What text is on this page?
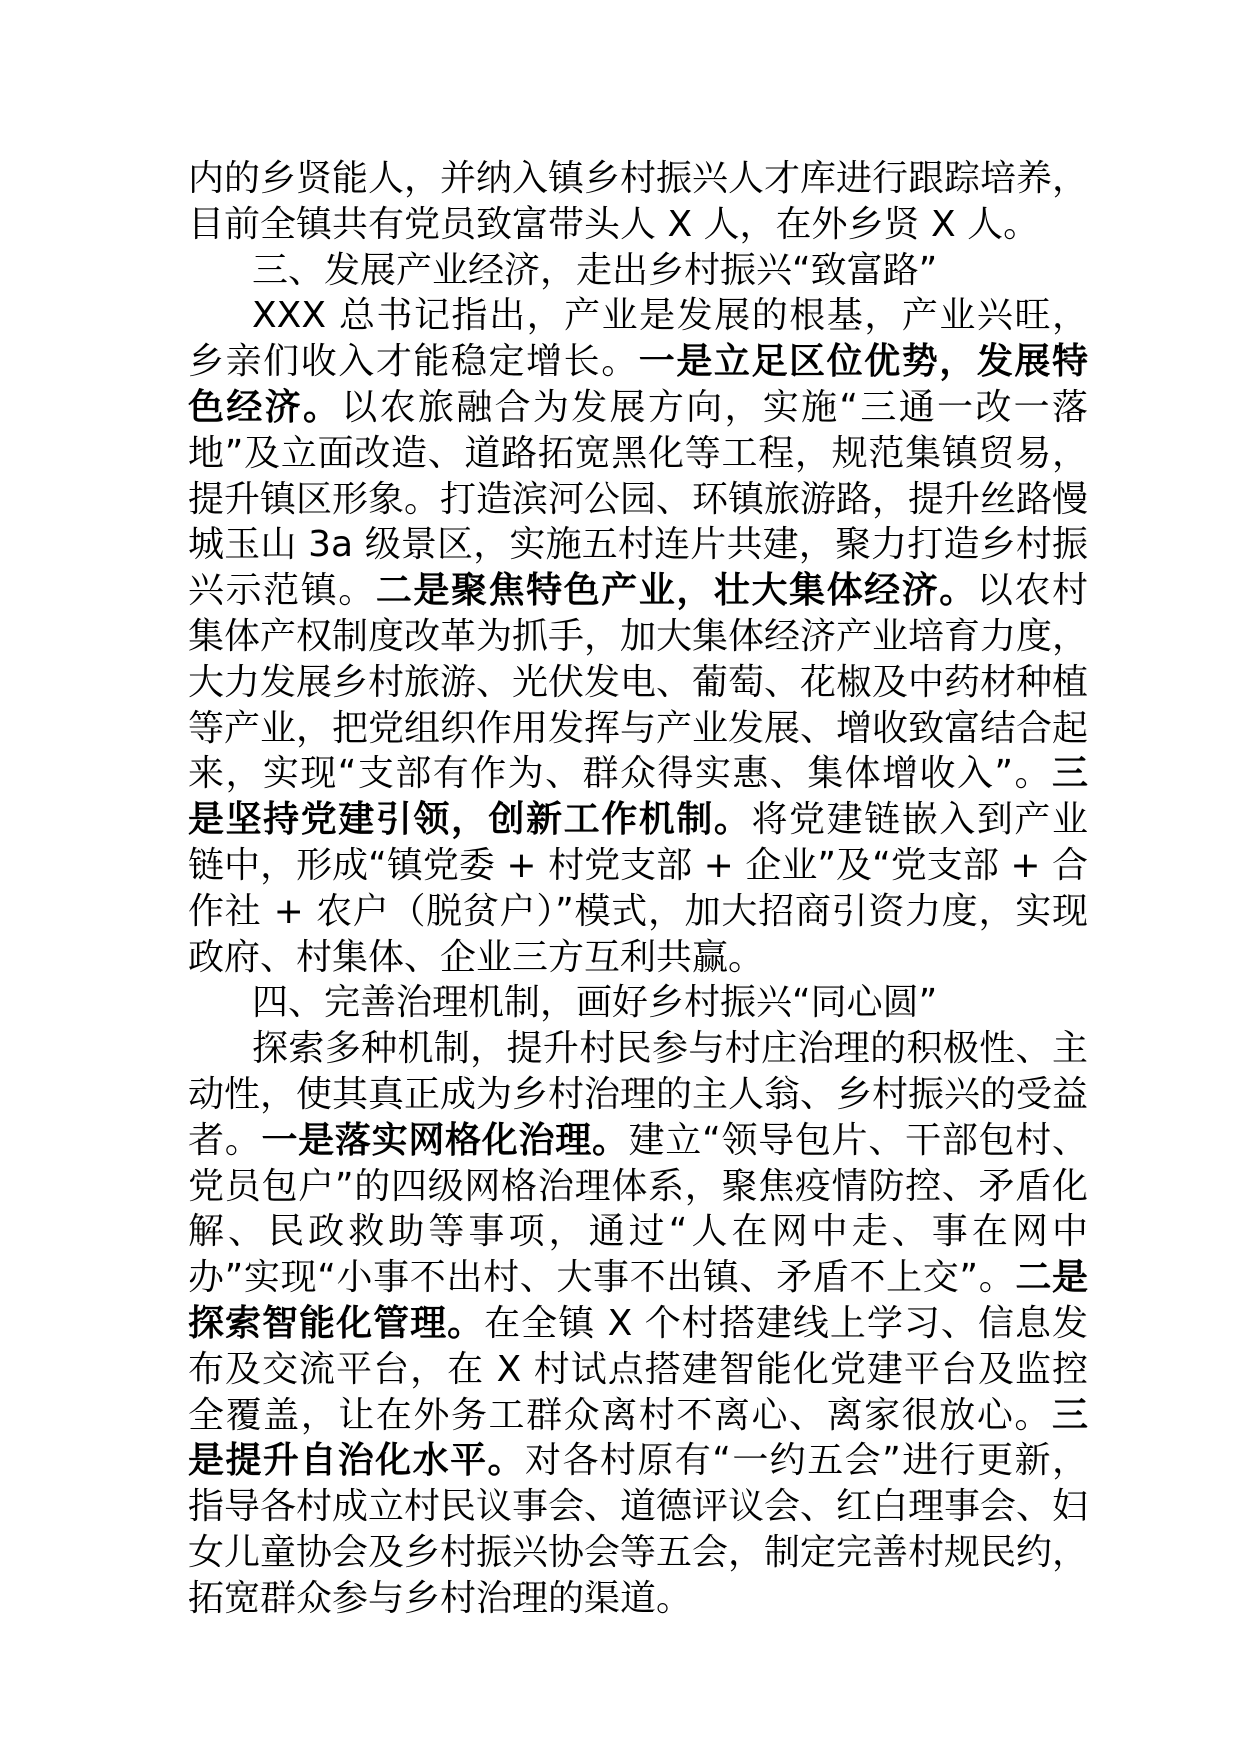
内的乡贤能人，并纳入镇乡村振兴人才库进行跟踪培养，目前全镇共有党员致富带头人 X 人，在外乡贤 X 人。

三、发展产业经济，走出乡村振兴“致富路”

XXX 总书记指出，产业是发展的根基，产业兴旺，乡亲们收入才能稳定增长。一是立足区位优势，发展特色经济。以农旅融合为发展方向，实施“三通一改一落地”及立面改造、道路拓宽黑化等工程，规范集镇贸易，提升镇区形象。打造滨河公园、环镇旅游路，提升丝路慢城玉山 3a 级景区，实施五村连片共建，聚力打造乡村振兴示范镇。二是聚焦特色产业，壮大集体经济。以农村集体产权制度改革为抓手，加大集体经济产业培育力度，大力发展乡村旅游、光伏发电、葡萄、花椒及中药材种植等产业，把党组织作用发挥与产业发展、增收致富结合起来，实现“支部有作为、群众得实惠、集体增收入”。三是坚持党建引领，创新工作机制。将党建链嵌入到产业链中，形成“镇党委 + 村党支部 + 企业”及“党支部 + 合作社 + 农户（脱贫户）”模式，加大招商引资力度，实现政府、村集体、企业三方互利共赢。

四、完善治理机制，画好乡村振兴“同心圆”

探索多种机制，提升村民参与村庄治理的积极性、主动性，使其真正成为乡村治理的主人翁、乡村振兴的受益者。一是落实网格化治理。建立“领导包片、干部包村、党员包户”的四级网格治理体系，聚焦疫情防控、矛盾化解、民政救助等事项，通过“人在网中走、事在网中办”实现“小事不出村、大事不出镇、矛盾不上交”。二是探索智能化管理。在全镇 X 个村搭建线上学习、信息发布及交流平台，在 X 村试点搭建智能化党建平台及监控全覆盖，让在外务工群众离村不离心、离家很放心。三是提升自治化水平。对各村原有“一约五会”进行更新，指导各村成立村民议事会、道德评议会、红白理事会、妇女儿童协会及乡村振兴协会等五会，制定完善村规民约，拓宽群众参与乡村治理的渠道。
